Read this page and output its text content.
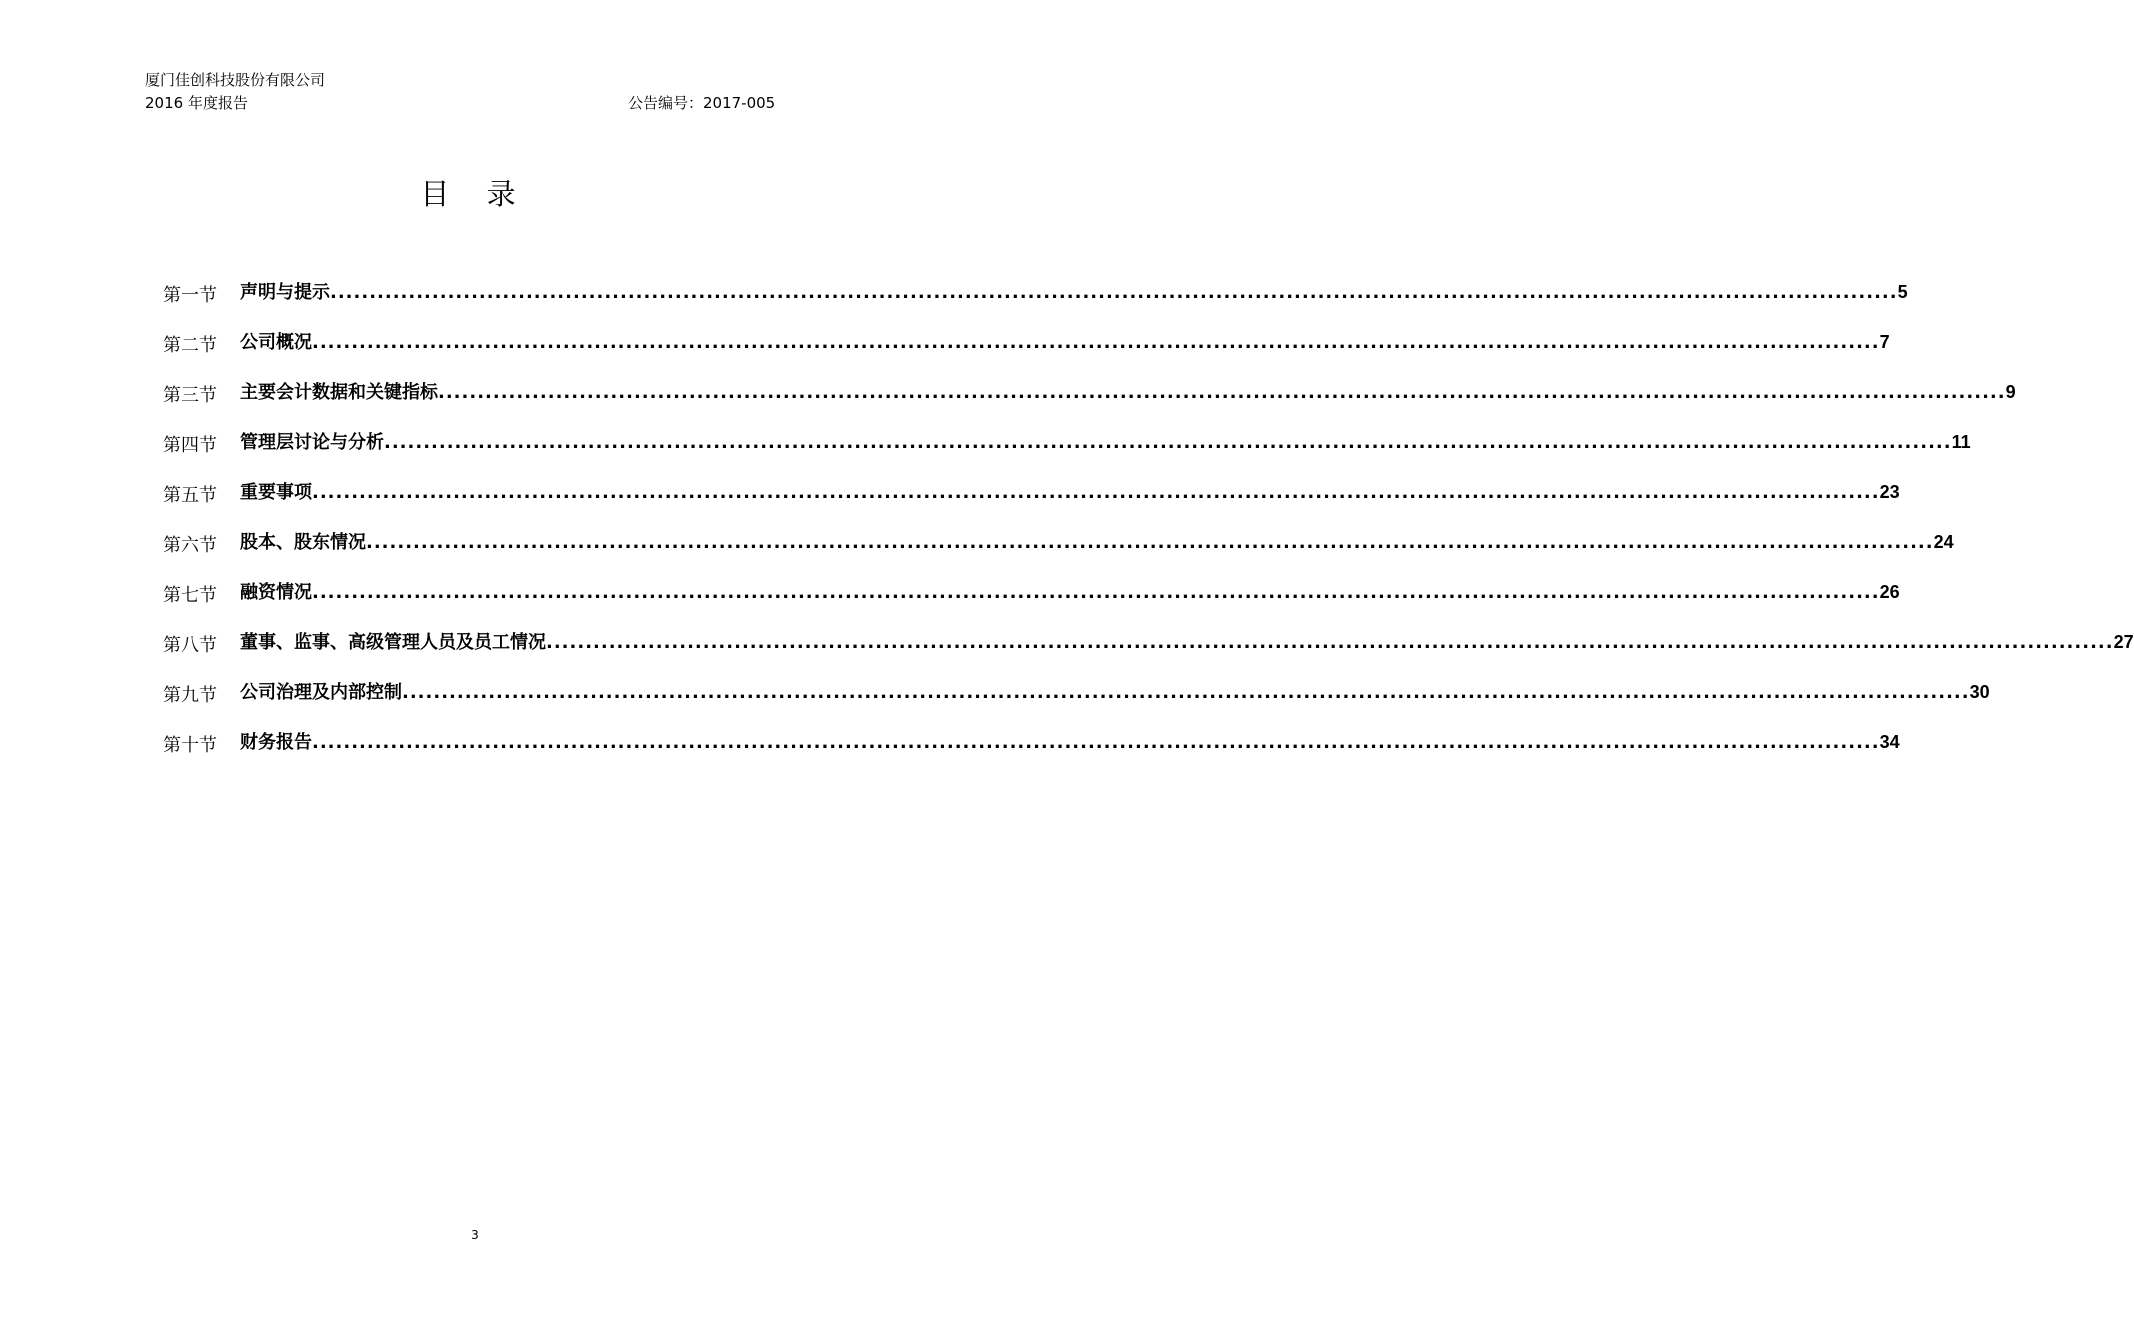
厦门佳创科技股份有限公司
2016 年度报告	公告编号：2017-005
目 录
第一节 声明与提示 ........................................................................................................................................................................................................ 5
第二节 公司概况 ........................................................................................................................................................................................................ 7
第三节 主要会计数据和关键指标 ........................................................................................................................................................................................................ 9
第四节 管理层讨论与分析 ........................................................................................................................................................................................................ 11
第五节 重要事项 ........................................................................................................................................................................................................ 23
第六节 股本、股东情况 ........................................................................................................................................................................................................ 24
第七节 融资情况 ........................................................................................................................................................................................................ 26
第八节 董事、监事、高级管理人员及员工情况 ........................................................................................................................................................................................................ 27
第九节 公司治理及内部控制 ........................................................................................................................................................................................................ 30
第十节 财务报告 ........................................................................................................................................................................................................ 34
3
